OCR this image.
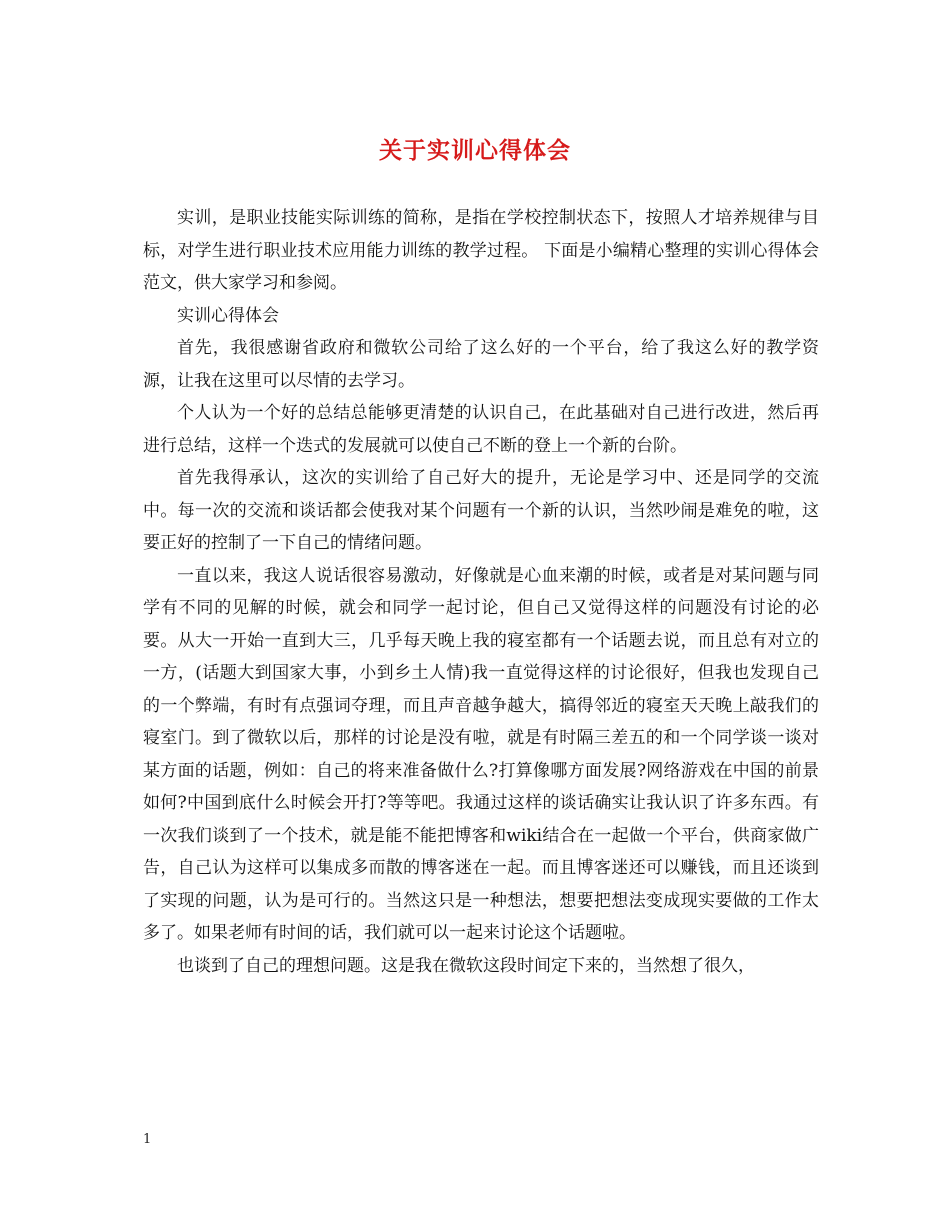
关于实训心得体会

实训，是职业技能实际训练的简称，是指在学校控制状态下，按照人才培养规律与目标，对学生进行职业技术应用能力训练的教学过程。 下面是小编精心整理的实训心得体会范文，供大家学习和参阅。

实训心得体会

首先，我很感谢省政府和微软公司给了这么好的一个平台，给了我这么好的教学资源，让我在这里可以尽情的去学习。

个人认为一个好的总结总能够更清楚的认识自己，在此基础对自己进行改进，然后再进行总结，这样一个迭式的发展就可以使自己不断的登上一个新的台阶。

首先我得承认，这次的实训给了自己好大的提升，无论是学习中、还是同学的交流中。每一次的交流和谈话都会使我对某个问题有一个新的认识，当然吵闹是难免的啦，这要正好的控制了一下自己的情绪问题。

一直以来，我这人说话很容易激动，好像就是心血来潮的时候，或者是对某问题与同学有不同的见解的时候，就会和同学一起讨论，但自己又觉得这样的问题没有讨论的必要。从大一开始一直到大三，几乎每天晚上我的寝室都有一个话题去说，而且总有对立的一方，(话题大到国家大事，小到乡土人情)我一直觉得这样的讨论很好，但我也发现自己的一个弊端，有时有点强词夺理，而且声音越争越大，搞得邻近的寝室天天晚上敲我们的寝室门。到了微软以后，那样的讨论是没有啦，就是有时隔三差五的和一个同学谈一谈对某方面的话题，例如：自己的将来准备做什么?打算像哪方面发展?网络游戏在中国的前景如何?中国到底什么时候会开打?等等吧。我通过这样的谈话确实让我认识了许多东西。有一次我们谈到了一个技术，就是能不能把博客和wiki结合在一起做一个平台，供商家做广告，自己认为这样可以集成多而散的博客迷在一起。而且博客迷还可以赚钱，而且还谈到了实现的问题，认为是可行的。当然这只是一种想法，想要把想法变成现实要做的工作太多了。如果老师有时间的话，我们就可以一起来讨论这个话题啦。

也谈到了自己的理想问题。这是我在微软这段时间定下来的，当然想了很久，

1
